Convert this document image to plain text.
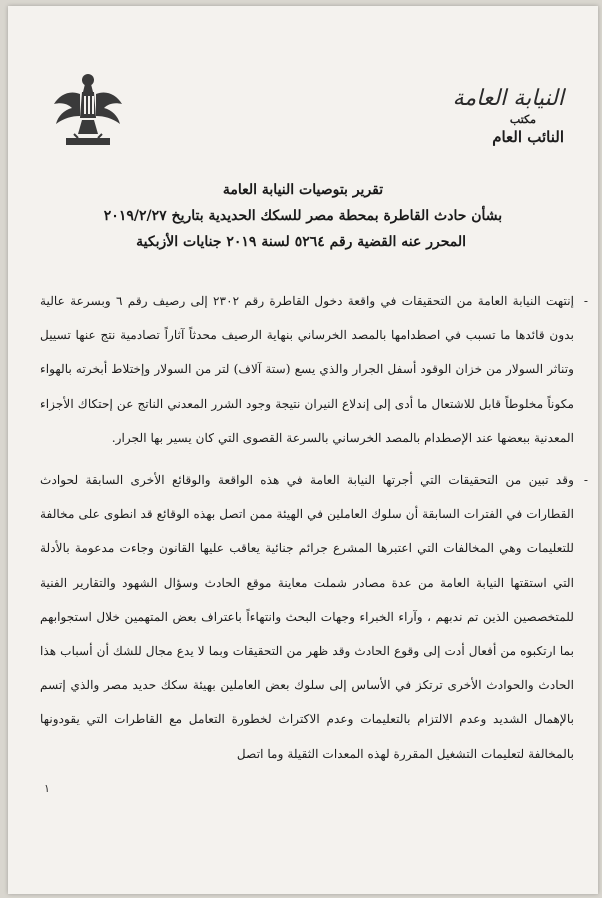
النيابة العامة
مكتب
النائب العام
تقرير بتوصيات النيابة العامة
بشأن حادث القاطرة بمحطة مصر للسكك الحديدية بتاريخ ٢٠١٩/٢/٢٧
المحرر عنه القضية رقم ٥٢٦٤ لسنة ٢٠١٩ جنايات الأزبكية

-
إنتهت النيابة العامة من التحقيقات في واقعة دخول القاطرة رقم ٢٣٠٢ إلى رصيف رقم ٦ وبسرعة عالية بدون قائدها ما تسبب في اصطدامها بالمصد الخرساني بنهاية الرصيف محدثاً آثاراً تصادمية نتج عنها تسييل وتناثر السولار من خزان الوقود أسفل الجرار والذي يسع (ستة آلاف) لتر من السولار وإختلاط أبخرته بالهواء مكوناً مخلوطاً قابل للاشتعال ما أدى إلى إندلاع النيران نتيجة وجود الشرر المعدني الناتج عن إحتكاك الأجزاء المعدنية ببعضها عند الإصطدام بالمصد الخرساني بالسرعة القصوى التي كان يسير بها الجرار.

-
وقد تبين من التحقيقات التي أجرتها النيابة العامة في هذه الواقعة والوقائع الأخرى السابقة لحوادث القطارات في الفترات السابقة أن سلوك العاملين في الهيئة ممن اتصل بهذه الوقائع قد انطوى على مخالفة للتعليمات وهي المخالفات التي اعتبرها المشرع جرائم جنائية يعاقب عليها القانون وجاءت مدعومة بالأدلة التي استقتها النيابة العامة من عدة مصادر شملت معاينة موقع الحادث وسؤال الشهود والتقارير الفنية للمتخصصين الذين تم ندبهم ، وآراء الخبراء وجهات البحث وانتهاءاً باعتراف بعض المتهمين خلال استجوابهم بما ارتكبوه من أفعال أدت إلى وقوع الحادث وقد ظهر من التحقيقات وبما لا يدع مجال للشك أن أسباب هذا الحادث والحوادث الأخرى ترتكز في الأساس إلى سلوك بعض العاملين بهيئة سكك حديد مصر والذي إتسم بالإهمال الشديد وعدم الالتزام بالتعليمات وعدم الاكتراث لخطورة التعامل مع القاطرات التي يقودونها بالمخالفة لتعليمات التشغيل المقررة لهذه المعدات الثقيلة وما اتصل

١
